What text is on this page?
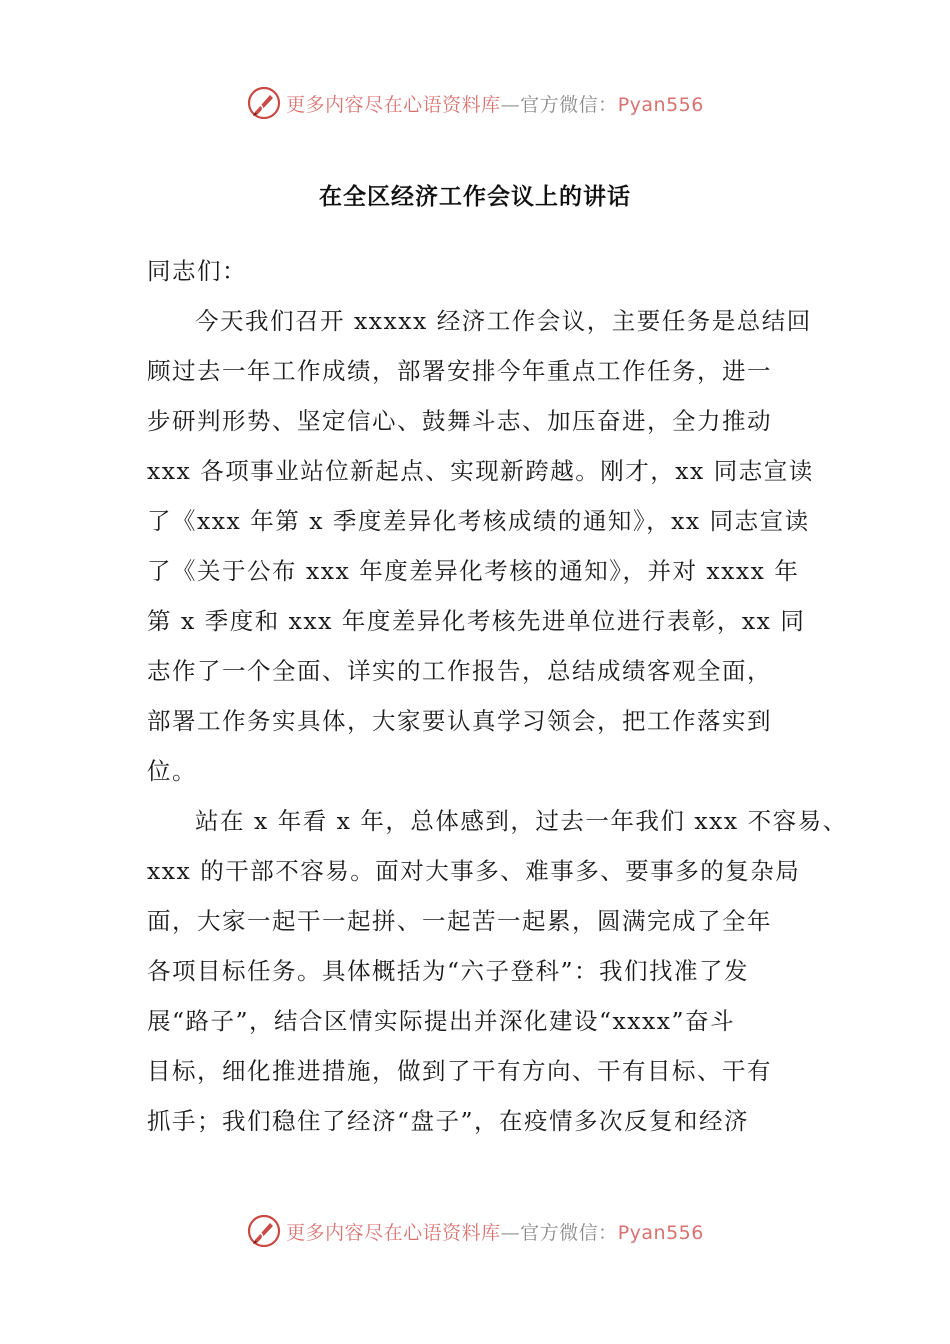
更多内容尽在心语资料库—官方微信：Pyan556
在全区经济工作会议上的讲话
同志们：
今天我们召开 xxxxx 经济工作会议，主要任务是总结回
顾过去一年工作成绩，部署安排今年重点工作任务，进一
步研判形势、坚定信心、鼓舞斗志、加压奋进，全力推动
xxx 各项事业站位新起点、实现新跨越。刚才，xx 同志宣读
了《xxx 年第 x 季度差异化考核成绩的通知》，xx 同志宣读
了《关于公布 xxx 年度差异化考核的通知》，并对 xxxx 年
第 x 季度和 xxx 年度差异化考核先进单位进行表彰，xx 同
志作了一个全面、详实的工作报告，总结成绩客观全面，
部署工作务实具体，大家要认真学习领会，把工作落实到
位。
站在 x 年看 x 年，总体感到，过去一年我们 xxx 不容易、
xxx 的干部不容易。面对大事多、难事多、要事多的复杂局
面，大家一起干一起拼、一起苦一起累，圆满完成了全年
各项目标任务。具体概括为“六子登科”：我们找准了发
展“路子”，结合区情实际提出并深化建设“xxxx”奋斗
目标，细化推进措施，做到了干有方向、干有目标、干有
抓手；我们稳住了经济“盘子”，在疫情多次反复和经济
更多内容尽在心语资料库—官方微信：Pyan556
